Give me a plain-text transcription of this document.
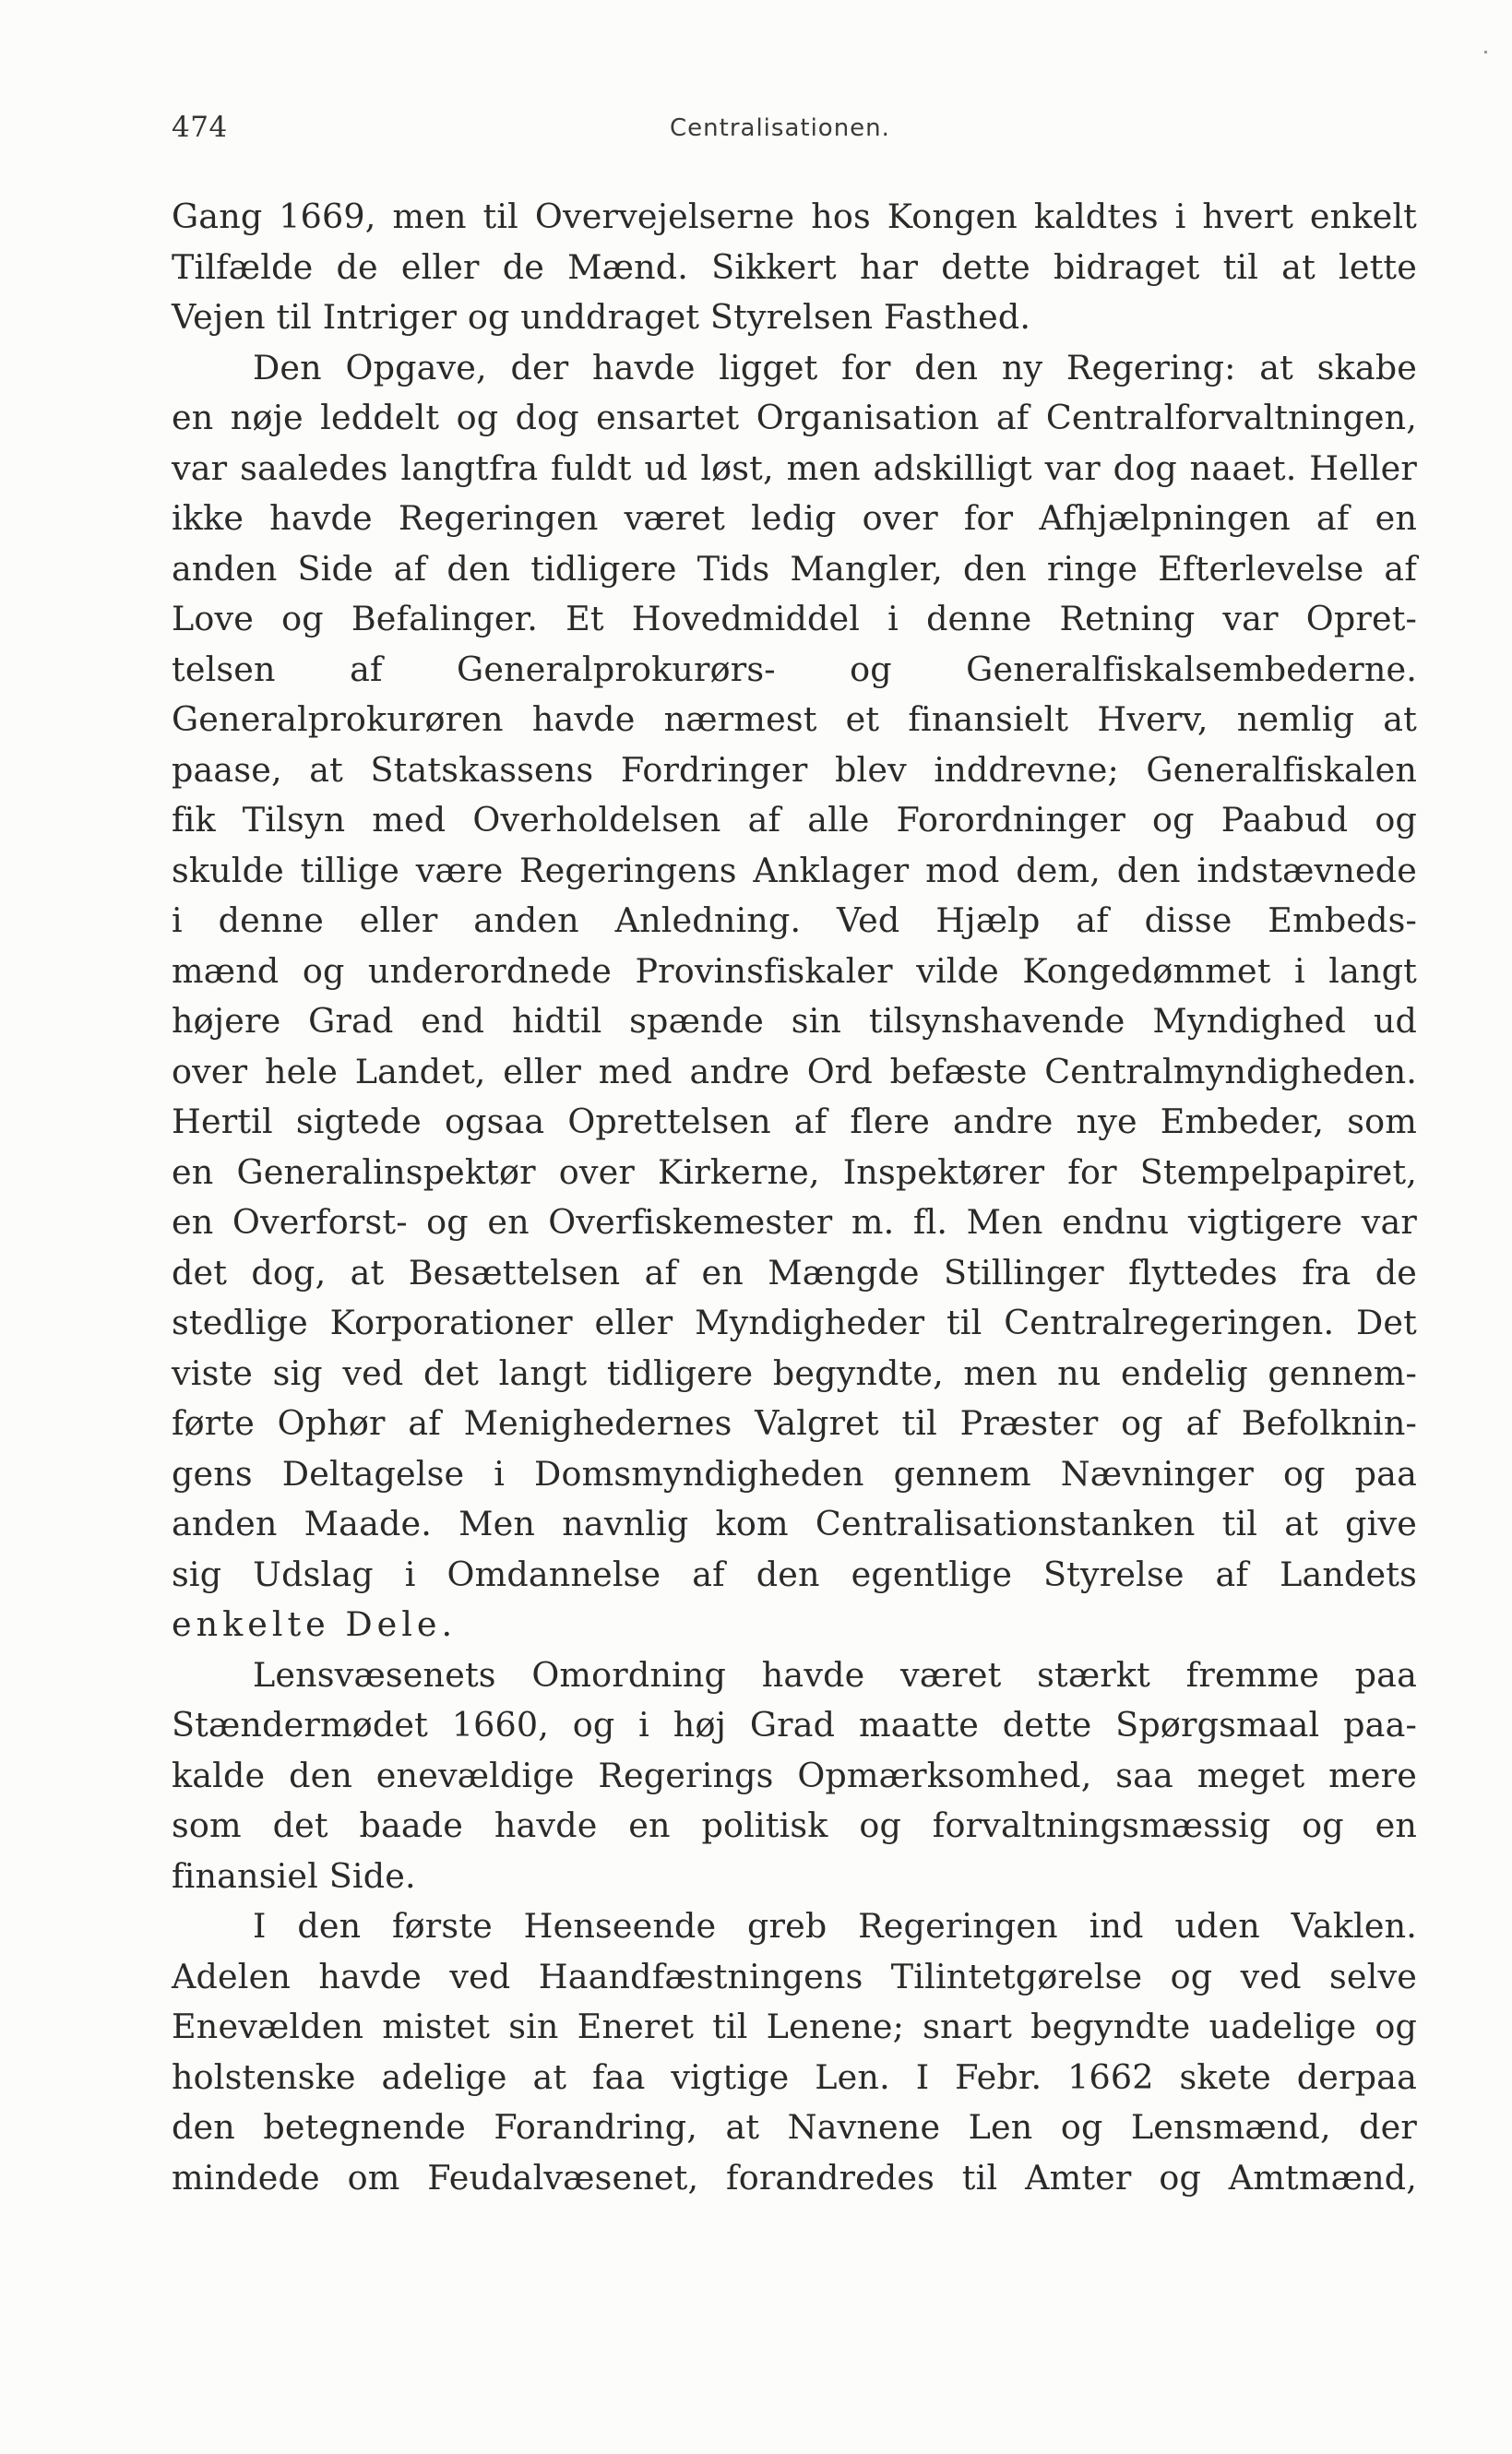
474	Centralisationen.
Gang 1669, men til Overvejelserne hos Kongen kaldtes i hvert enkelt
Tilfælde de eller de Mænd. Sikkert har dette bidraget til at lette
Vejen til Intriger og unddraget Styrelsen Fasthed.
Den Opgave, der havde ligget for den ny Regering: at skabe
en nøje leddelt og dog ensartet Organisation af Centralforvaltningen,
var saaledes langtfra fuldt ud løst, men adskilligt var dog naaet. Heller
ikke havde Regeringen været ledig over for Afhjælpningen af en
anden Side af den tidligere Tids Mangler, den ringe Efterlevelse af
Love og Befalinger. Et Hovedmiddel i denne Retning var Opret-
telsen af Generalprokurørs- og Generalfiskalsembederne.
Generalprokurøren havde nærmest et finansielt Hverv, nemlig at
paase, at Statskassens Fordringer blev inddrevne; Generalfiskalen
fik Tilsyn med Overholdelsen af alle Forordninger og Paabud og
skulde tillige være Regeringens Anklager mod dem, den indstævnede
i denne eller anden Anledning. Ved Hjælp af disse Embeds-
mænd og underordnede Provinsfiskaler vilde Kongedømmet i langt
højere Grad end hidtil spænde sin tilsynshavende Myndighed ud
over hele Landet, eller med andre Ord befæste Centralmyndigheden.
Hertil sigtede ogsaa Oprettelsen af flere andre nye Embeder, som
en Generalinspektør over Kirkerne, Inspektører for Stempelpapiret,
en Overforst- og en Overfiskemester m. fl. Men endnu vigtigere var
det dog, at Besættelsen af en Mængde Stillinger flyttedes fra de
stedlige Korporationer eller Myndigheder til Centralregeringen. Det
viste sig ved det langt tidligere begyndte, men nu endelig gennem-
førte Ophør af Menighedernes Valgret til Præster og af Befolknin-
gens Deltagelse i Domsmyndigheden gennem Nævninger og paa
anden Maade. Men navnlig kom Centralisationstanken til at give
sig Udslag i Omdannelse af den egentlige Styrelse af Landets
enkelte Dele.
Lensvæsenets Omordning havde været stærkt fremme paa
Stændermødet 1660, og i høj Grad maatte dette Spørgsmaal paa-
kalde den enevældige Regerings Opmærksomhed, saa meget mere
som det baade havde en politisk og forvaltningsmæssig og en
finansiel Side.
I den første Henseende greb Regeringen ind uden Vaklen.
Adelen havde ved Haandfæstningens Tilintetgørelse og ved selve
Enevælden mistet sin Eneret til Lenene; snart begyndte uadelige og
holstenske adelige at faa vigtige Len. I Febr. 1662 skete derpaa
den betegnende Forandring, at Navnene Len og Lensmænd, der
mindede om Feudalvæsenet, forandredes til Amter og Amtmænd,
